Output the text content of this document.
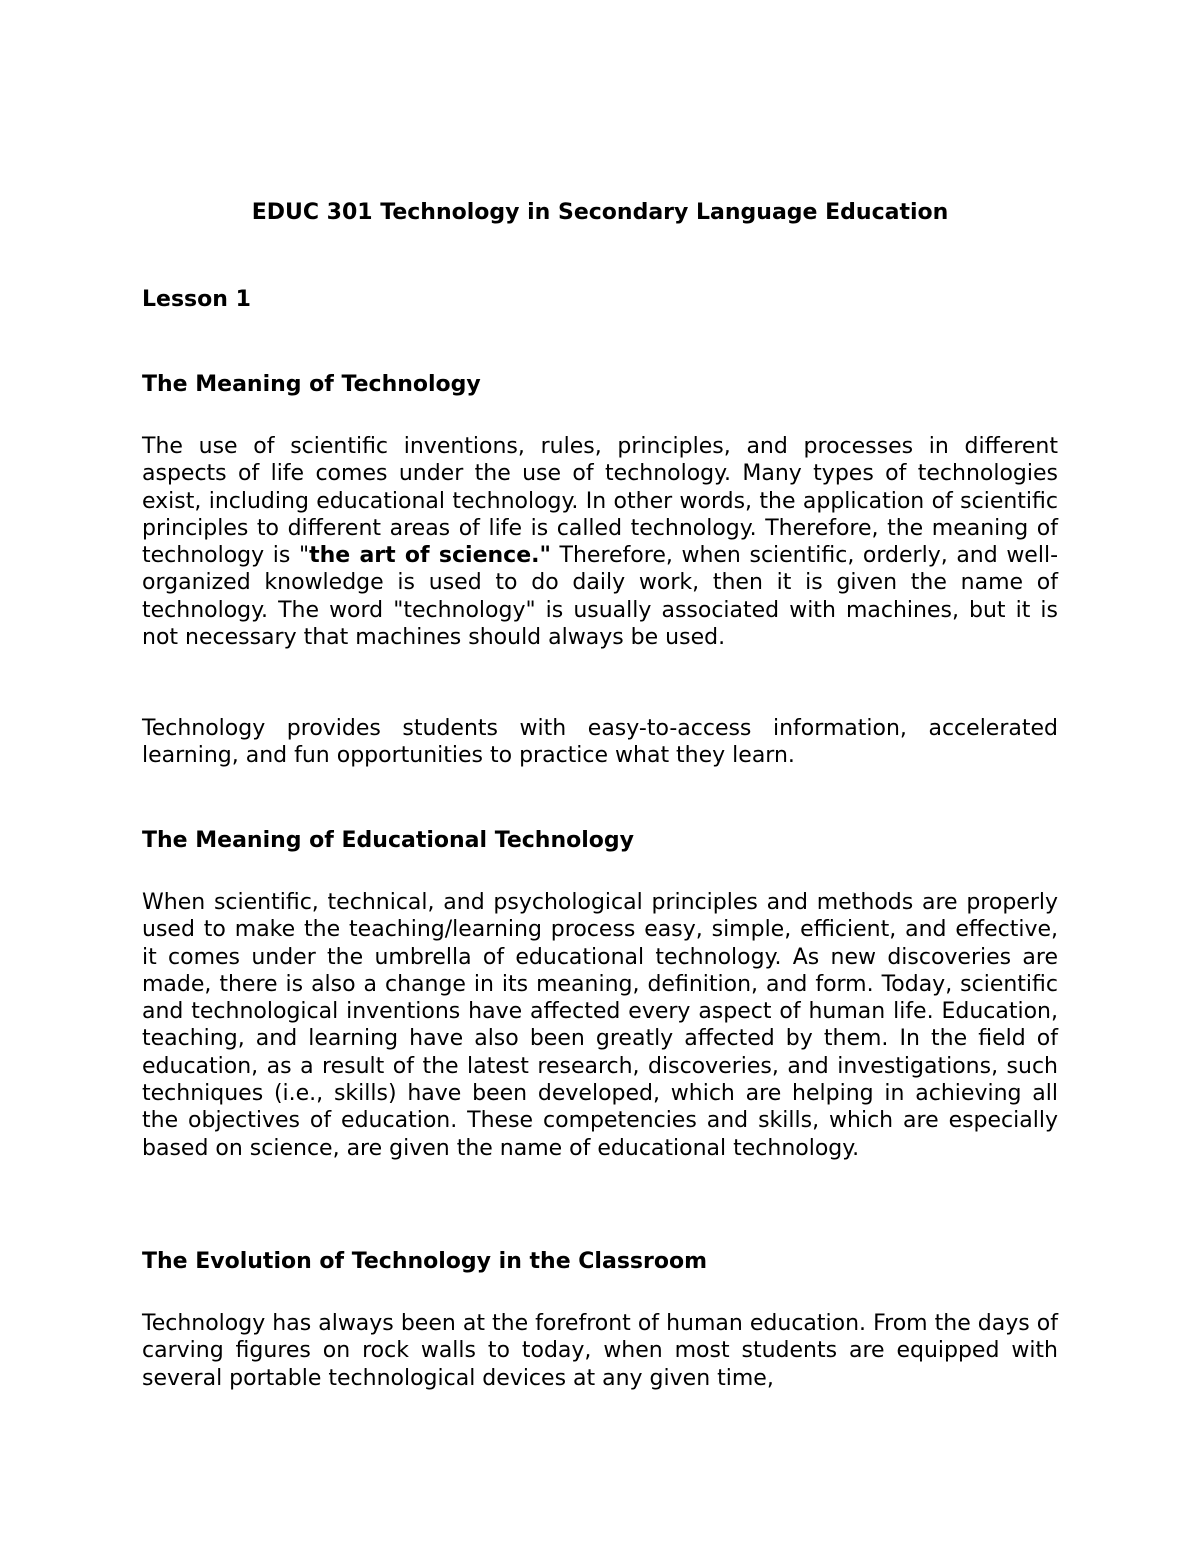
EDUC 301 Technology in Secondary Language Education
Lesson 1
The Meaning of Technology

The use of scientific inventions, rules, principles, and processes in different aspects of life comes under the use of technology. Many types of technologies exist, including educational technology. In other words, the application of scientific principles to different areas of life is called technology. Therefore, the meaning of technology is "the art of science." Therefore, when scientific, orderly, and well-organized knowledge is used to do daily work, then it is given the name of technology. The word "technology" is usually associated with machines, but it is not necessary that machines should always be used.

Technology provides students with easy-to-access information, accelerated learning, and fun opportunities to practice what they learn.

The Meaning of Educational Technology

When scientific, technical, and psychological principles and methods are properly used to make the teaching/learning process easy, simple, efficient, and effective, it comes under the umbrella of educational technology. As new discoveries are made, there is also a change in its meaning, definition, and form. Today, scientific and technological inventions have affected every aspect of human life. Education, teaching, and learning have also been greatly affected by them. In the field of education, as a result of the latest research, discoveries, and investigations, such techniques (i.e., skills) have been developed, which are helping in achieving all the objectives of education. These competencies and skills, which are especially based on science, are given the name of educational technology.

The Evolution of Technology in the Classroom

Technology has always been at the forefront of human education. From the days of carving figures on rock walls to today, when most students are equipped with several portable technological devices at any given time,
